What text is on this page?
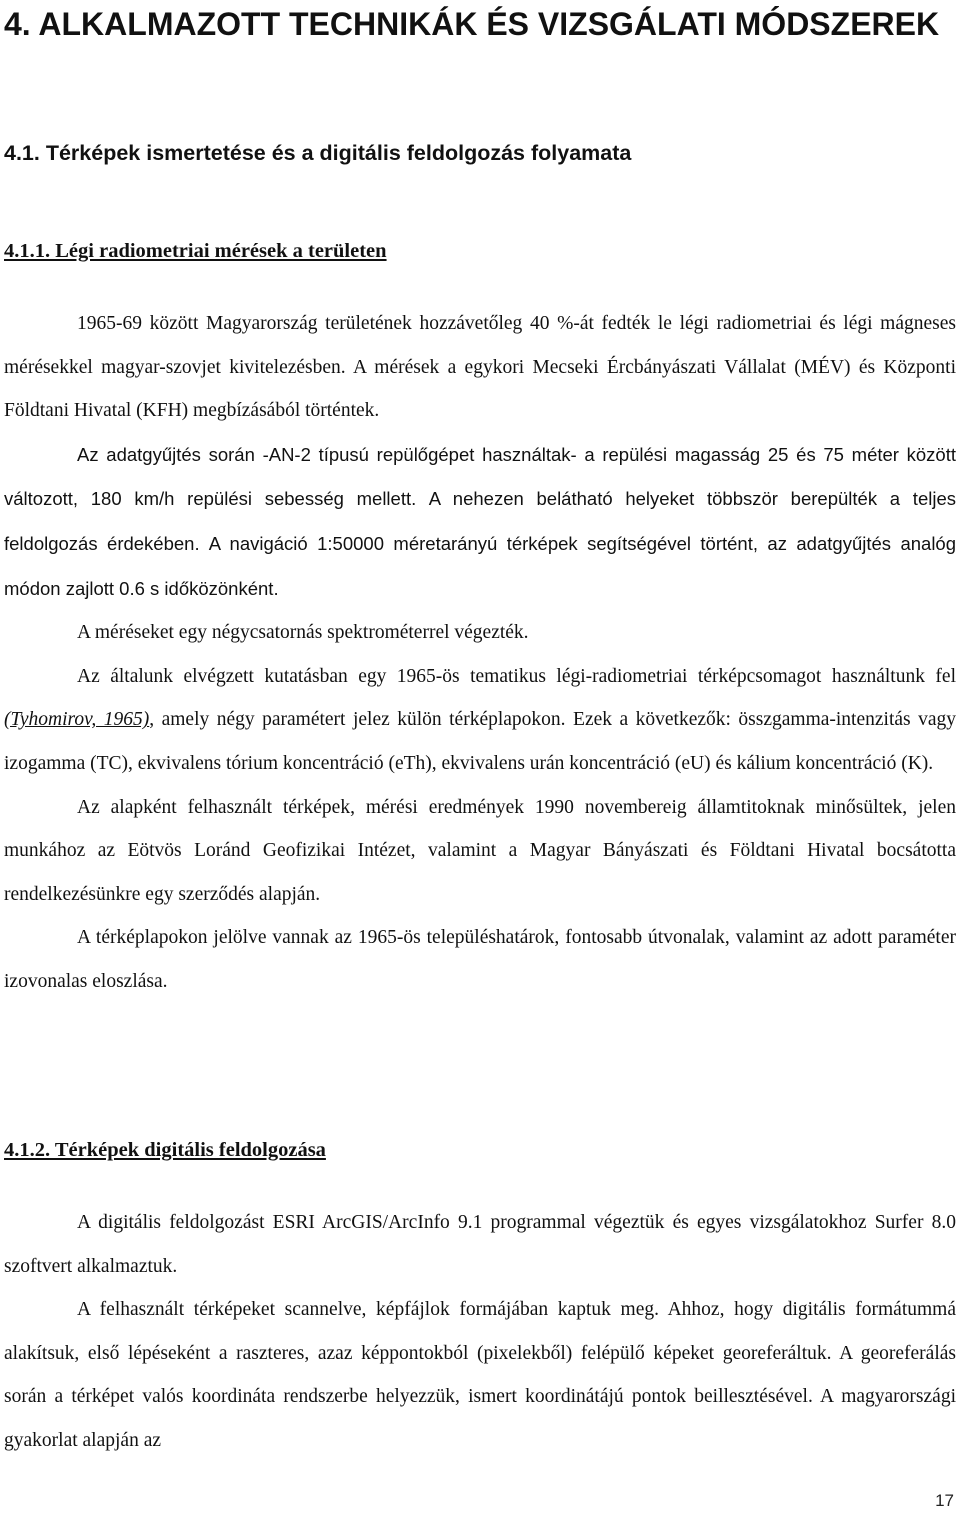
4. ALKALMAZOTT TECHNIKÁK ÉS VIZSGÁLATI MÓDSZEREK
4.1. Térképek ismertetése és a digitális feldolgozás folyamata
4.1.1. Légi radiometriai mérések a területen

1965-69 között Magyarország területének hozzávetőleg 40 %-át fedték le légi radiometriai és légi mágneses mérésekkel magyar-szovjet kivitelezésben. A mérések a egykori Mecseki Ércbányászati Vállalat (MÉV) és Központi Földtani Hivatal (KFH) megbízásából történtek.

Az adatgyűjtés során -AN-2 típusú repülőgépet használtak- a repülési magasság 25 és 75 méter között változott, 180 km/h repülési sebesség mellett. A nehezen belátható helyeket többször berepülték a teljes feldolgozás érdekében. A navigáció 1:50000 méretarányú térképek segítségével történt, az adatgyűjtés analóg módon zajlott 0.6 s időközönként.

A méréseket egy négycsatornás spektrométerrel végezték.

Az általunk elvégzett kutatásban egy 1965-ös tematikus légi-radiometriai térképcsomagot használtunk fel (Tyhomirov, 1965), amely négy paramétert jelez külön térképlapokon. Ezek a következők: összgamma-intenzitás vagy izogamma (TC), ekvivalens tórium koncentráció (eTh), ekvivalens urán koncentráció (eU) és kálium koncentráció (K).

Az alapként felhasznált térképek, mérési eredmények 1990 novembereig államtitoknak minősültek, jelen munkához az Eötvös Loránd Geofizikai Intézet, valamint a Magyar Bányászati és Földtani Hivatal bocsátotta rendelkezésünkre egy szerződés alapján.

A térképlapokon jelölve vannak az 1965-ös településhatárok, fontosabb útvonalak, valamint az adott paraméter izovonalas eloszlása.

4.1.2. Térképek digitális feldolgozása

A digitális feldolgozást ESRI ArcGIS/ArcInfo 9.1 programmal végeztük és egyes vizsgálatokhoz Surfer 8.0 szoftvert alkalmaztuk.

A felhasznált térképeket scannelve, képfájlok formájában kaptuk meg. Ahhoz, hogy digitális formátummá alakítsuk, első lépéseként a raszteres, azaz képpontokból (pixelekből) felépülő képeket georeferáltuk. A georeferálás során a térképet valós koordináta rendszerbe helyezzük, ismert koordinátájú pontok beillesztésével. A magyarországi gyakorlat alapján az

17
